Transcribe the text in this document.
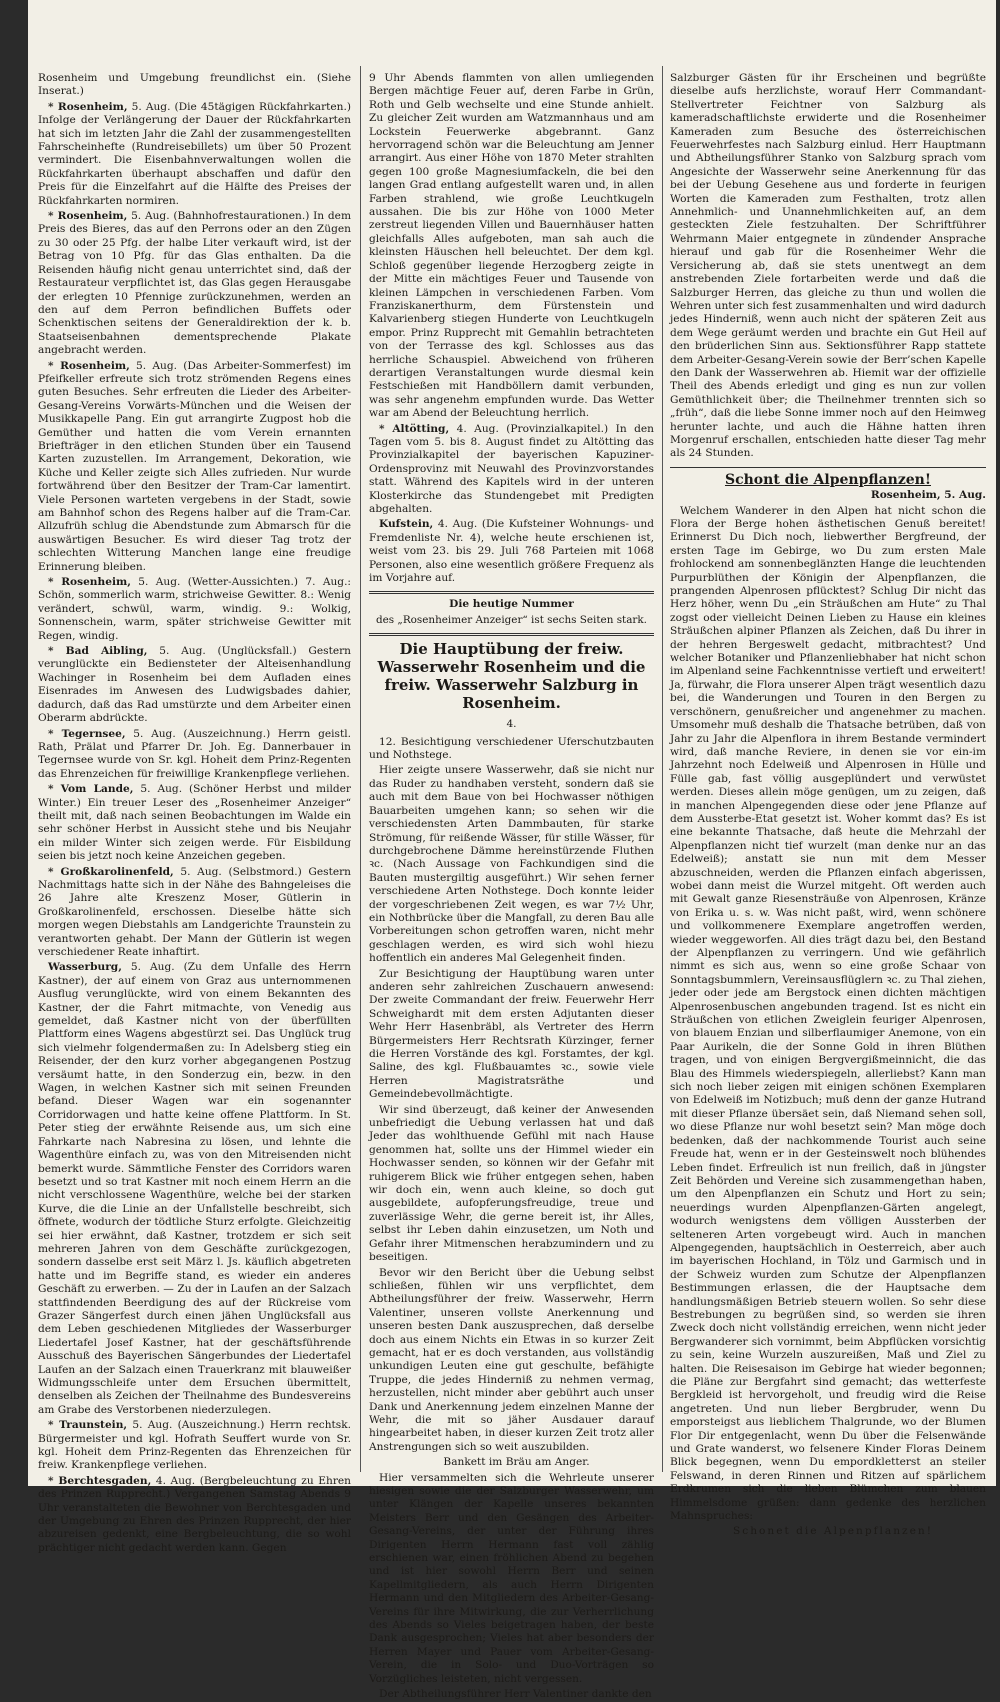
Rosenheim und Umgebung freundlichst ein. (Siehe Inserat.)

* Rosenheim, 5. Aug. (Die 45tägigen Rückfahrkarten.) Infolge der Verlängerung der Dauer der Rückfahrkarten hat sich im letzten Jahr die Zahl der zusammengestellten Fahrscheinhefte (Rundreisebillets) um über 50 Prozent vermindert. Die Eisenbahnverwaltungen wollen die Rückfahrkarten überhaupt abschaffen und dafür den Preis für die Einzelfahrt auf die Hälfte des Preises der Rückfahrkarten normiren.

* Rosenheim, 5. Aug. (Bahnhofrestaurationen.) In dem Preis des Bieres, das auf den Perrons oder an den Zügen zu 30 oder 25 Pfg. der halbe Liter verkauft wird, ist der Betrag von 10 Pfg. für das Glas enthalten. Da die Reisenden häufig nicht genau unterrichtet sind, daß der Restaurateur verpflichtet ist, das Glas gegen Herausgabe der erlegten 10 Pfennige zurückzunehmen, werden an den auf dem Perron befindlichen Buffets oder Schenktischen seitens der Generaldirektion der k. b. Staatseisenbahnen dementsprechende Plakate angebracht werden.

* Rosenheim, 5. Aug. (Das Arbeiter-Sommerfest) im Pfeifkeller erfreute sich trotz strömenden Regens eines guten Besuches. Sehr erfreuten die Lieder des Arbeiter-Gesang-Vereins Vorwärts-München und die Weisen der Musikkapelle Pang. Ein gut arrangirte Zugpost hob die Gemüther und hatten die vom Verein ernannten Briefträger in den etlichen Stunden über ein Tausend Karten zuzustellen. Im Arrangement, Dekoration, wie Küche und Keller zeigte sich Alles zufrieden. Nur wurde fortwährend über den Besitzer der Tram-Car lamentirt. Viele Personen warteten vergebens in der Stadt, sowie am Bahnhof schon des Regens halber auf die Tram-Car. Allzufrüh schlug die Abendstunde zum Abmarsch für die auswärtigen Besucher. Es wird dieser Tag trotz der schlechten Witterung Manchen lange eine freudige Erinnerung bleiben.

* Rosenheim, 5. Aug. (Wetter-Aussichten.) 7. Aug.: Schön, sommerlich warm, strichweise Gewitter. 8.: Wenig verändert, schwül, warm, windig. 9.: Wolkig, Sonnenschein, warm, später strichweise Gewitter mit Regen, windig.

* Bad Aibling, 5. Aug. (Unglücksfall.) Gestern verunglückte ein Bediensteter der Alteisenhandlung Wachinger in Rosenheim bei dem Aufladen eines Eisenrades im Anwesen des Ludwigsbades dahier, dadurch, daß das Rad umstürzte und dem Arbeiter einen Oberarm abdrückte.

* Tegernsee, 5. Aug. (Auszeichnung.) Herrn geistl. Rath, Prälat und Pfarrer Dr. Joh. Eg. Dannerbauer in Tegernsee wurde von Sr. kgl. Hoheit dem Prinz-Regenten das Ehrenzeichen für freiwillige Krankenpflege verliehen.

* Vom Lande, 5. Aug. (Schöner Herbst und milder Winter.) Ein treuer Leser des „Rosenheimer Anzeiger“ theilt mit, daß nach seinen Beobachtungen im Walde ein sehr schöner Herbst in Aussicht stehe und bis Neujahr ein milder Winter sich zeigen werde. Für Eisbildung seien bis jetzt noch keine Anzeichen gegeben.

* Großkarolinenfeld, 5. Aug. (Selbstmord.) Gestern Nachmittags hatte sich in der Nähe des Bahngeleises die 26 Jahre alte Kreszenz Moser, Gütlerin in Großkarolinenfeld, erschossen. Dieselbe hätte sich morgen wegen Diebstahls am Landgerichte Traunstein zu verantworten gehabt. Der Mann der Gütlerin ist wegen verschiedener Reate inhaftirt.

Wasserburg, 5. Aug. (Zu dem Unfalle des Herrn Kastner), der auf einem von Graz aus unternommenen Ausflug verunglückte, wird von einem Bekannten des Kastner, der die Fahrt mitmachte, von Venedig aus gemeldet, daß Kastner nicht von der überfüllten Plattform eines Wagens abgestürzt sei. Das Unglück trug sich vielmehr folgendermaßen zu: In Adelsberg stieg ein Reisender, der den kurz vorher abgegangenen Postzug versäumt hatte, in den Sonderzug ein, bezw. in den Wagen, in welchen Kastner sich mit seinen Freunden befand. Dieser Wagen war ein sogenannter Corridorwagen und hatte keine offene Plattform. In St. Peter stieg der erwähnte Reisende aus, um sich eine Fahrkarte nach Nabresina zu lösen, und lehnte die Wagenthüre einfach zu, was von den Mitreisenden nicht bemerkt wurde. Sämmtliche Fenster des Corridors waren besetzt und so trat Kastner mit noch einem Herrn an die nicht verschlossene Wagenthüre, welche bei der starken Kurve, die die Linie an der Unfallstelle beschreibt, sich öffnete, wodurch der tödtliche Sturz erfolgte. Gleichzeitig sei hier erwähnt, daß Kastner, trotzdem er sich seit mehreren Jahren von dem Geschäfte zurückgezogen, sondern dasselbe erst seit März l. Js. käuflich abgetreten hatte und im Begriffe stand, es wieder ein anderes Geschäft zu erwerben. — Zu der in Laufen an der Salzach stattfindenden Beerdigung des auf der Rückreise vom Grazer Sängerfest durch einen jähen Unglücksfall aus dem Leben geschiedenen Mitgliedes der Wasserburger Liedertafel Josef Kastner, hat der geschäftsführende Ausschuß des Bayerischen Sängerbundes der Liedertafel Laufen an der Salzach einen Trauerkranz mit blauweißer Widmungsschleife unter dem Ersuchen übermittelt, denselben als Zeichen der Theilnahme des Bundesvereins am Grabe des Verstorbenen niederzulegen.

* Traunstein, 5. Aug. (Auszeichnung.) Herrn rechtsk. Bürgermeister und kgl. Hofrath Seuffert wurde von Sr. kgl. Hoheit dem Prinz-Regenten das Ehrenzeichen für freiw. Krankenpflege verliehen.

* Berchtesgaden, 4. Aug. (Bergbeleuchtung zu Ehren des Prinzen Rupprecht.) Vergangenen Samstag Abends 9 Uhr veranstalteten die Bewohner von Berchtesgaden und der Umgebung zu Ehren des Prinzen Rupprecht, der hier abzureisen gedenkt, eine Bergbeleuchtung, die so wohl prächtiger nicht gedacht werden kann. Gegen

9 Uhr Abends flammten von allen umliegenden Bergen mächtige Feuer auf, deren Farbe in Grün, Roth und Gelb wechselte und eine Stunde anhielt. Zu gleicher Zeit wurden am Watzmannhaus und am Lockstein Feuerwerke abgebrannt. Ganz hervorragend schön war die Beleuchtung am Jenner arrangirt. Aus einer Höhe von 1870 Meter strahlten gegen 100 große Magnesiumfackeln, die bei den langen Grad entlang aufgestellt waren und, in allen Farben strahlend, wie große Leuchtkugeln aussahen. Die bis zur Höhe von 1000 Meter zerstreut liegenden Villen und Bauernhäuser hatten gleichfalls Alles aufgeboten, man sah auch die kleinsten Häuschen hell beleuchtet. Der dem kgl. Schloß gegenüber liegende Herzogberg zeigte in der Mitte ein mächtiges Feuer und Tausende von kleinen Lämpchen in verschiedenen Farben. Vom Franziskanerthurm, dem Fürstenstein und Kalvarienberg stiegen Hunderte von Leuchtkugeln empor. Prinz Rupprecht mit Gemahlin betrachteten von der Terrasse des kgl. Schlosses aus das herrliche Schauspiel. Abweichend von früheren derartigen Veranstaltungen wurde diesmal kein Festschießen mit Handböllern damit verbunden, was sehr angenehm empfunden wurde. Das Wetter war am Abend der Beleuchtung herrlich.

* Altötting, 4. Aug. (Provinzialkapitel.) In den Tagen vom 5. bis 8. August findet zu Altötting das Provinzialkapitel der bayerischen Kapuziner-Ordensprovinz mit Neuwahl des Provinzvorstandes statt. Während des Kapitels wird in der unteren Klosterkirche das Stundengebet mit Predigten abgehalten.

Kufstein, 4. Aug. (Die Kufsteiner Wohnungs- und Fremdenliste Nr. 4), welche heute erschienen ist, weist vom 23. bis 29. Juli 768 Parteien mit 1068 Personen, also eine wesentlich größere Frequenz als im Vorjahre auf.

Die heutige Nummer
des „Rosenheimer Anzeiger“ ist sechs Seiten stark.
Die Hauptübung der freiw. Wasserwehr Rosenheim und die freiw. Wasserwehr Salzburg in Rosenheim.
4.

12. Besichtigung verschiedener Uferschutzbauten und Nothstege.

Hier zeigte unsere Wasserwehr, daß sie nicht nur das Ruder zu handhaben versteht, sondern daß sie auch mit dem Baue von bei Hochwasser nöthigen Bauarbeiten umgehen kann; so sehen wir die verschiedensten Arten Dammbauten, für starke Strömung, für reißende Wässer, für stille Wässer, für durchgebrochene Dämme hereinstürzende Fluthen ꝛc. (Nach Aussage von Fachkundigen sind die Bauten mustergiltig ausgeführt.) Wir sehen ferner verschiedene Arten Nothstege. Doch konnte leider der vorgeschriebenen Zeit wegen, es war 7½ Uhr, ein Nothbrücke über die Mangfall, zu deren Bau alle Vorbereitungen schon getroffen waren, nicht mehr geschlagen werden, es wird sich wohl hiezu hoffentlich ein anderes Mal Gelegenheit finden.

Zur Besichtigung der Hauptübung waren unter anderen sehr zahlreichen Zuschauern anwesend: Der zweite Commandant der freiw. Feuerwehr Herr Schweighardt mit dem ersten Adjutanten dieser Wehr Herr Hasenbräbl, als Vertreter des Herrn Bürgermeisters Herr Rechtsrath Kürzinger, ferner die Herren Vorstände des kgl. Forstamtes, der kgl. Saline, des kgl. Flußbauamtes ꝛc., sowie viele Herren Magistratsräthe und Gemeindebevollmächtigte.

Wir sind überzeugt, daß keiner der Anwesenden unbefriedigt die Uebung verlassen hat und daß Jeder das wohlthuende Gefühl mit nach Hause genommen hat, sollte uns der Himmel wieder ein Hochwasser senden, so können wir der Gefahr mit ruhigerem Blick wie früher entgegen sehen, haben wir doch ein, wenn auch kleine, so doch gut ausgebildete, aufopferungsfreudige, treue und zuverlässige Wehr, die gerne bereit ist, ihr Alles, selbst ihr Leben dahin einzusetzen, um Noth und Gefahr ihrer Mitmenschen herabzumindern und zu beseitigen.

Bevor wir den Bericht über die Uebung selbst schließen, fühlen wir uns verpflichtet, dem Abtheilungsführer der freiw. Wasserwehr, Herrn Valentiner, unseren vollste Anerkennung und unseren besten Dank auszusprechen, daß derselbe doch aus einem Nichts ein Etwas in so kurzer Zeit gemacht, hat er es doch verstanden, aus vollständig unkundigen Leuten eine gut geschulte, befähigte Truppe, die jedes Hinderniß zu nehmen vermag, herzustellen, nicht minder aber gebührt auch unser Dank und Anerkennung jedem einzelnen Manne der Wehr, die mit so jäher Ausdauer darauf hingearbeitet haben, in dieser kurzen Zeit trotz aller Anstrengungen sich so weit auszubilden.

Bankett im Bräu am Anger.

Hier versammelten sich die Wehrleute unserer hiesigen sowie die der Salzburger Wasserwehr, um unter Klängen der Kapelle unseres bekannten Meisters Berr und den Gesängen des Arbeiter-Gesang-Vereins, der unter der Führung ihres Dirigenten Herrn Hermann fast voll zählig erschienen war, einen fröhlichen Abend zu begehen und ist hier sowohl Herrn Berr und seinen Kapellmitgliedern, als auch Herrn Dirigenten Hermann und den Mitgliedern des Arbeiter-Gesang-Vereins für ihre Mitwirkung, die zur Verherrlichung des Abends so Vieles beigetragen haben, der beste Dank ausgesprochen; Vieles hat aber besonders der Herren Mayer und Pauer vom Arbeiter-Gesang-Verein, die in Solo- und Duo-Vorträgen so Vorzügliches leisteten, nicht vergessen.

Der Abtheilungsführer Herr Valentiner dankte den

Salzburger Gästen für ihr Erscheinen und begrüßte dieselbe aufs herzlichste, worauf Herr Commandant-Stellvertreter Feichtner von Salzburg als kameradschaftlichste erwiderte und die Rosenheimer Kameraden zum Besuche des österreichischen Feuerwehrfestes nach Salzburg einlud. Herr Hauptmann und Abtheilungsführer Stanko von Salzburg sprach vom Angesichte der Wasserwehr seine Anerkennung für das bei der Uebung Gesehene aus und forderte in feurigen Worten die Kameraden zum Festhalten, trotz allen Annehmlich- und Unannehmlichkeiten auf, an dem gesteckten Ziele festzuhalten. Der Schriftführer Wehrmann Maier entgegnete in zündender Ansprache hierauf und gab für die Rosenheimer Wehr die Versicherung ab, daß sie stets unentwegt an dem anstrebenden Ziele fortarbeiten werde und daß die Salzburger Herren, das gleiche zu thun und wollen die Wehren unter sich fest zusammenhalten und wird dadurch jedes Hinderniß, wenn auch nicht der späteren Zeit aus dem Wege geräumt werden und brachte ein Gut Heil auf den brüderlichen Sinn aus. Sektionsführer Rapp stattete dem Arbeiter-Gesang-Verein sowie der Berr’schen Kapelle den Dank der Wasserwehren ab. Hiemit war der offizielle Theil des Abends erledigt und ging es nun zur vollen Gemüthlichkeit über; die Theilnehmer trennten sich so „früh“, daß die liebe Sonne immer noch auf den Heimweg herunter lachte, und auch die Hähne hatten ihren Morgenruf erschallen, entschieden hatte dieser Tag mehr als 24 Stunden.

Schont die Alpenpflanzen!
Rosenheim, 5. Aug.

Welchem Wanderer in den Alpen hat nicht schon die Flora der Berge hohen ästhetischen Genuß bereitet! Erinnerst Du Dich noch, liebwerther Bergfreund, der ersten Tage im Gebirge, wo Du zum ersten Male frohlockend am sonnenbeglänzten Hange die leuchtenden Purpurblüthen der Königin der Alpenpflanzen, die prangenden Alpenrosen pflücktest? Schlug Dir nicht das Herz höher, wenn Du „ein Sträußchen am Hute“ zu Thal zogst oder vielleicht Deinen Lieben zu Hause ein kleines Sträußchen alpiner Pflanzen als Zeichen, daß Du ihrer in der hehren Bergeswelt gedacht, mitbrachtest? Und welcher Botaniker und Pflanzenliebhaber hat nicht schon im Alpenland seine Fachkenntnisse vertieft und erweitert! Ja, fürwahr, die Flora unserer Alpen trägt wesentlich dazu bei, die Wanderungen und Touren in den Bergen zu verschönern, genußreicher und angenehmer zu machen. Umsomehr muß deshalb die Thatsache betrüben, daß von Jahr zu Jahr die Alpenflora in ihrem Bestande vermindert wird, daß manche Reviere, in denen sie vor ein-im Jahrzehnt noch Edelweiß und Alpenrosen in Hülle und Fülle gab, fast völlig ausgeplündert und verwüstet werden. Dieses allein möge genügen, um zu zeigen, daß in manchen Alpengegenden diese oder jene Pflanze auf dem Aussterbe-Etat gesetzt ist. Woher kommt das? Es ist eine bekannte Thatsache, daß heute die Mehrzahl der Alpenpflanzen nicht tief wurzelt (man denke nur an das Edelweiß); anstatt sie nun mit dem Messer abzuschneiden, werden die Pflanzen einfach abgerissen, wobei dann meist die Wurzel mitgeht. Oft werden auch mit Gewalt ganze Riesensträuße von Alpenrosen, Kränze von Erika u. s. w. Was nicht paßt, wird, wenn schönere und vollkommenere Exemplare angetroffen werden, wieder weggeworfen. All dies trägt dazu bei, den Bestand der Alpenpflanzen zu verringern. Und wie gefährlich nimmt es sich aus, wenn so eine große Schaar von Sonntagsbummlern, Vereinsausflüglern ꝛc. zu Thal ziehen, jeder oder jede am Bergstock einen dichten mächtigen Alpenrosenbuschen angebunden tragend. Ist es nicht ein Sträußchen von etlichen Zweiglein feuriger Alpenrosen, von blauem Enzian und silberflaumiger Anemone, von ein Paar Aurikeln, die der Sonne Gold in ihren Blüthen tragen, und von einigen Bergvergißmeinnicht, die das Blau des Himmels wiederspiegeln, allerliebst? Kann man sich noch lieber zeigen mit einigen schönen Exemplaren von Edelweiß im Notizbuch; muß denn der ganze Hutrand mit dieser Pflanze übersäet sein, daß Niemand sehen soll, wo diese Pflanze nur wohl besetzt sein? Man möge doch bedenken, daß der nachkommende Tourist auch seine Freude hat, wenn er in der Gesteinswelt noch blühendes Leben findet. Erfreulich ist nun freilich, daß in jüngster Zeit Behörden und Vereine sich zusammengethan haben, um den Alpenpflanzen ein Schutz und Hort zu sein; neuerdings wurden Alpenpflanzen-Gärten angelegt, wodurch wenigstens dem völligen Aussterben der selteneren Arten vorgebeugt wird. Auch in manchen Alpengegenden, hauptsächlich in Oesterreich, aber auch im bayerischen Hochland, in Tölz und Garmisch und in der Schweiz wurden zum Schutze der Alpenpflanzen Bestimmungen erlassen, die der Hauptsache dem handlungsmäßigen Betrieb steuern wollen. So sehr diese Bestrebungen zu begrüßen sind, so werden sie ihren Zweck doch nicht vollständig erreichen, wenn nicht jeder Bergwanderer sich vornimmt, beim Abpflücken vorsichtig zu sein, keine Wurzeln auszureißen, Maß und Ziel zu halten. Die Reisesaison im Gebirge hat wieder begonnen; die Pläne zur Bergfahrt sind gemacht; das wetterfeste Bergkleid ist hervorgeholt, und freudig wird die Reise angetreten. Und nun lieber Bergbruder, wenn Du emporsteigst aus lieblichem Thalgrunde, wo der Blumen Flor Dir entgegenlacht, wenn Du über die Felsenwände und Grate wanderst, wo felsenere Kinder Floras Deinem Blick begegnen, wenn Du empordkletterst an steiler Felswand, in deren Rinnen und Ritzen auf spärlichem Erdkrumen sich die lieben Blümchen zum blauen Himmelsdome grüßen: dann gedenke des herzlichen Mahnspruches:

Schonet die Alpenpflanzen!
